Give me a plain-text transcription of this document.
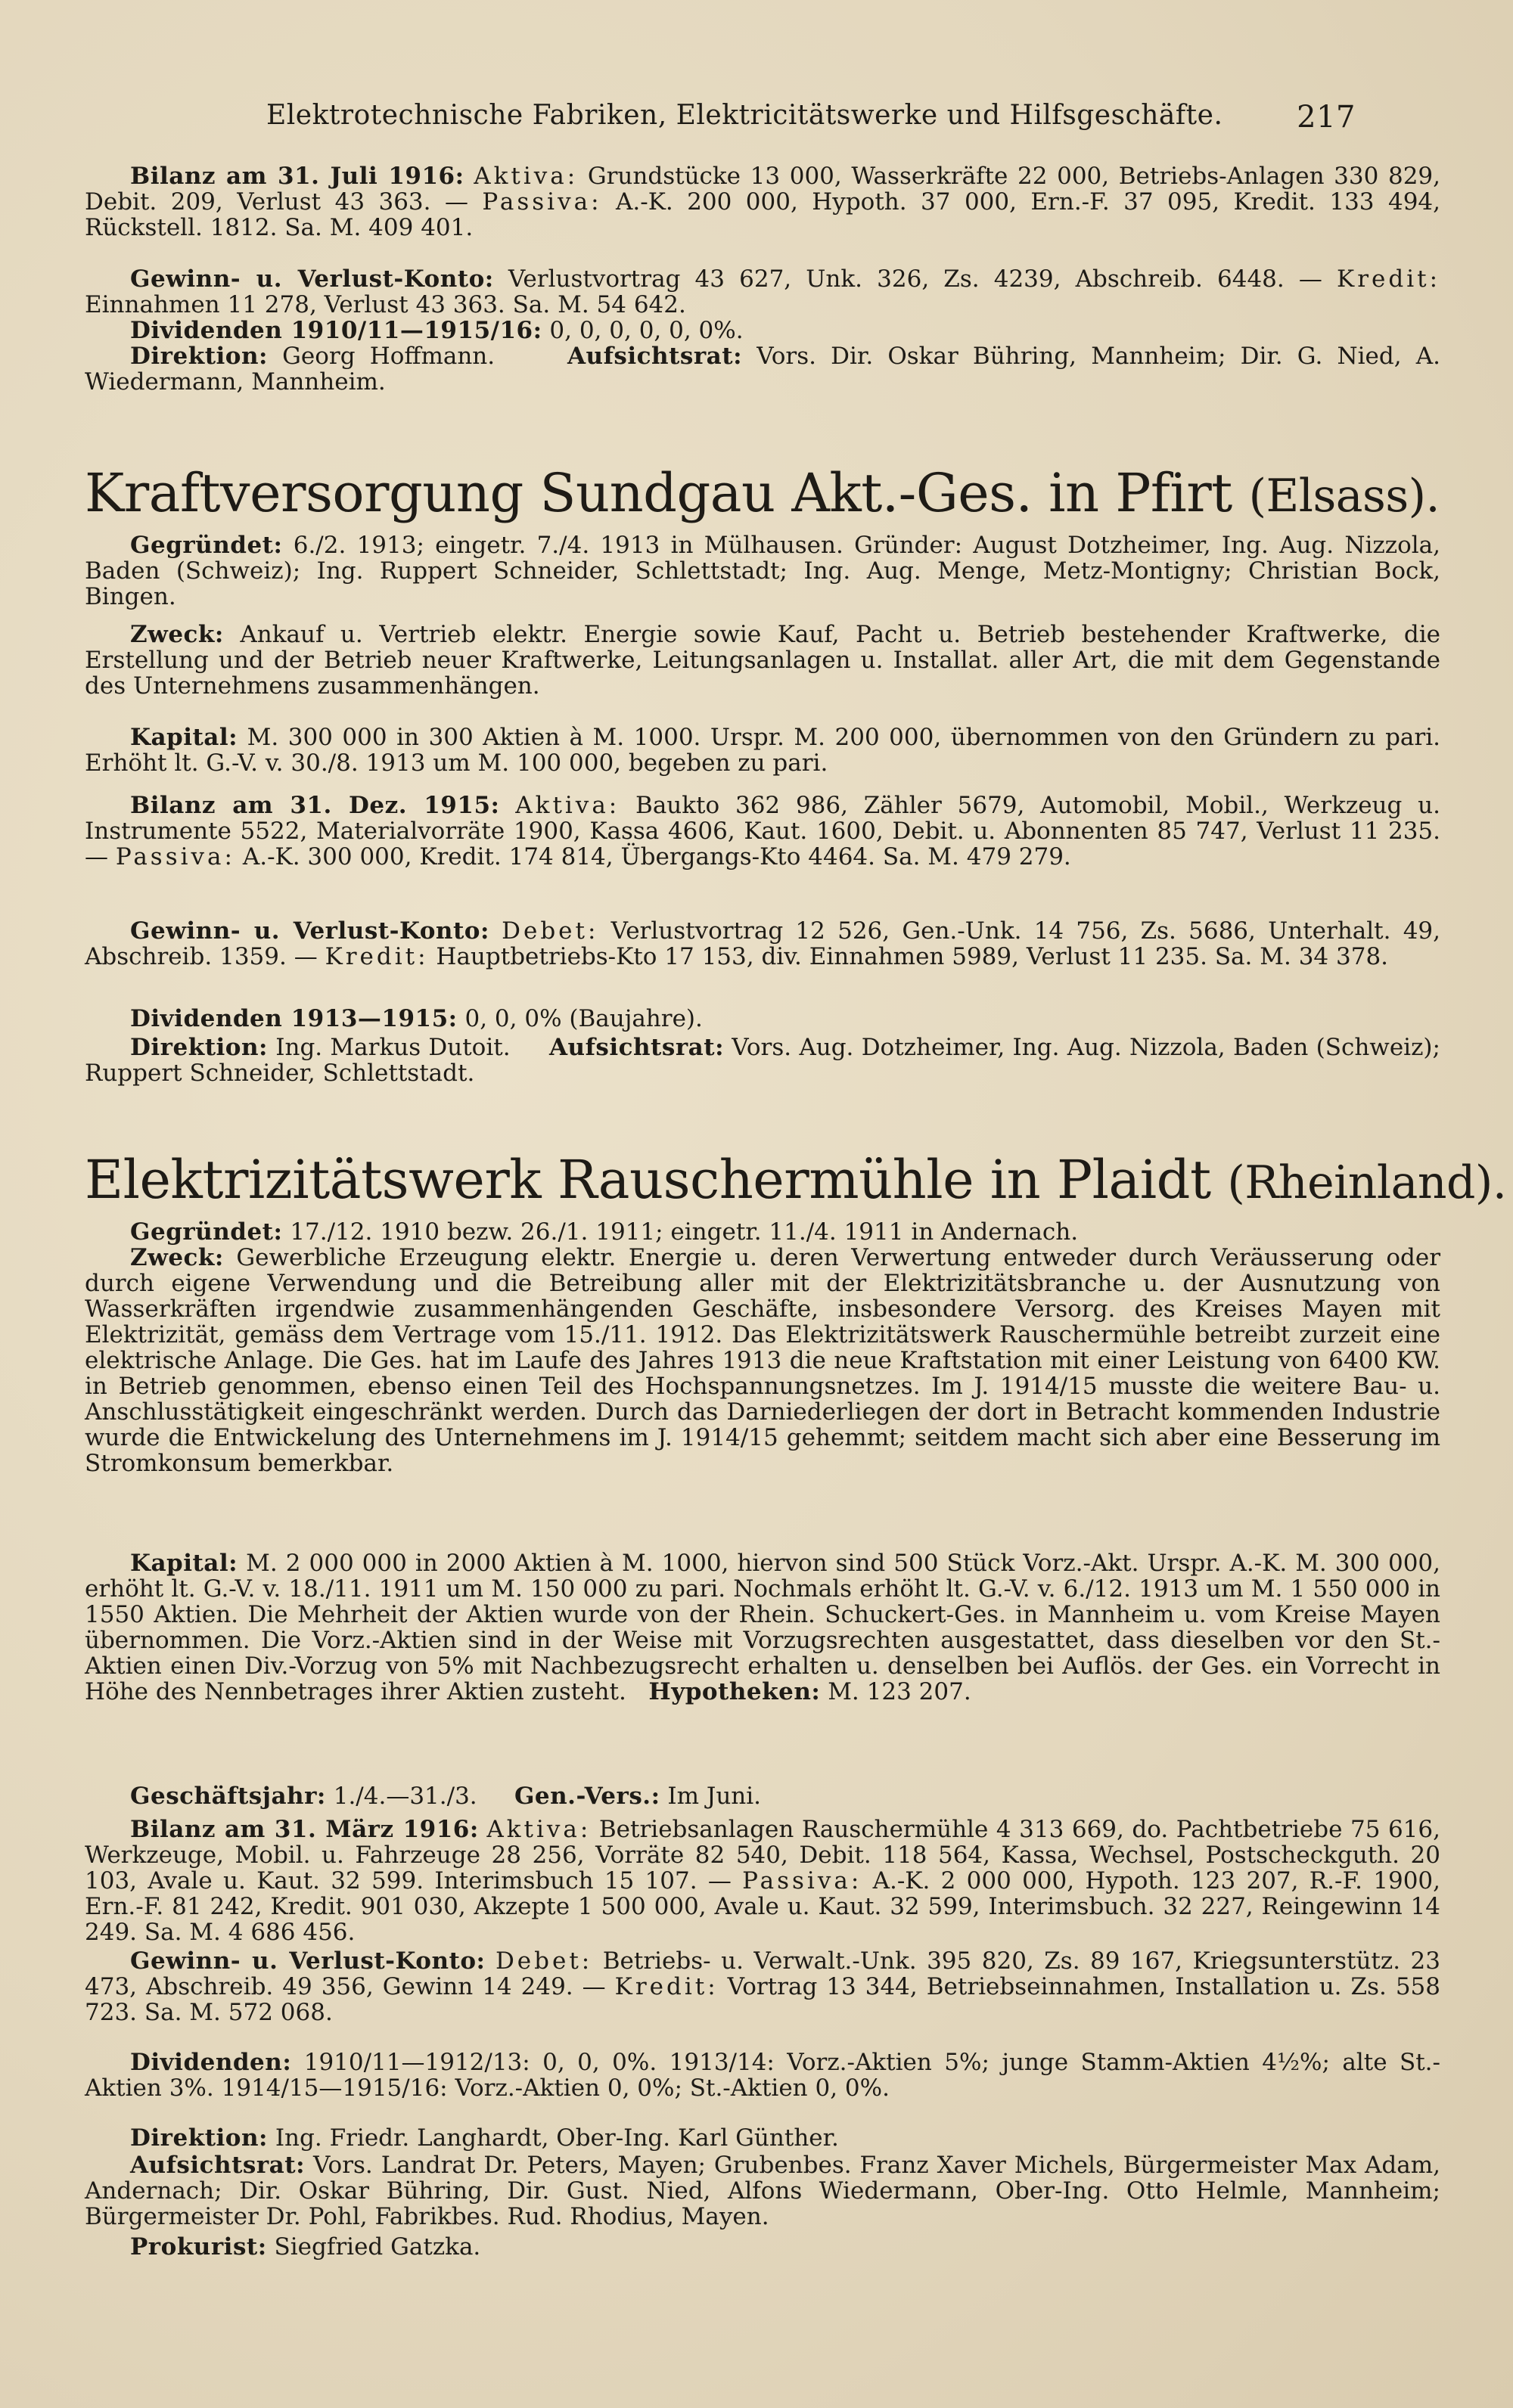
Elektrotechnische Fabriken, Elektricitätswerke und Hilfsgeschäfte. 217

Bilanz am 31. Juli 1916: Aktiva: Grundstücke 13 000, Wasserkräfte 22 000, Betriebs-Anlagen 330 829, Debit. 209, Verlust 43 363. — Passiva: A.-K. 200 000, Hypoth. 37 000, Ern.-F. 37 095, Kredit. 133 494, Rückstell. 1812. Sa. M. 409 401.

Gewinn- u. Verlust-Konto: Verlustvortrag 43 627, Unk. 326, Zs. 4239, Abschreib. 6448. — Kredit: Einnahmen 11 278, Verlust 43 363. Sa. M. 54 642.

Dividenden 1910/11—1915/16: 0, 0, 0, 0, 0, 0%.

Direktion: Georg Hoffmann.	Aufsichtsrat: Vors. Dir. Oskar Bühring, Mannheim; Dir. G. Nied, A. Wiedermann, Mannheim.

Kraftversorgung Sundgau Akt.-Ges. in Pfirt (Elsass).

Gegründet: 6./2. 1913; eingetr. 7./4. 1913 in Mülhausen. Gründer: August Dotzheimer, Ing. Aug. Nizzola, Baden (Schweiz); Ing. Ruppert Schneider, Schlettstadt; Ing. Aug. Menge, Metz-Montigny; Christian Bock, Bingen.

Zweck: Ankauf u. Vertrieb elektr. Energie sowie Kauf, Pacht u. Betrieb bestehender Kraftwerke, die Erstellung und der Betrieb neuer Kraftwerke, Leitungsanlagen u. Installat. aller Art, die mit dem Gegenstande des Unternehmens zusammenhängen.

Kapital: M. 300 000 in 300 Aktien à M. 1000. Urspr. M. 200 000, übernommen von den Gründern zu pari. Erhöht lt. G.-V. v. 30./8. 1913 um M. 100 000, begeben zu pari.

Bilanz am 31. Dez. 1915: Aktiva: Baukto 362 986, Zähler 5679, Automobil, Mobil., Werkzeug u. Instrumente 5522, Materialvorräte 1900, Kassa 4606, Kaut. 1600, Debit. u. Abonnenten 85 747, Verlust 11 235. — Passiva: A.-K. 300 000, Kredit. 174 814, Übergangs-Kto 4464. Sa. M. 479 279.

Gewinn- u. Verlust-Konto: Debet: Verlustvortrag 12 526, Gen.-Unk. 14 756, Zs. 5686, Unterhalt. 49, Abschreib. 1359. — Kredit: Hauptbetriebs-Kto 17 153, div. Einnahmen 5989, Verlust 11 235. Sa. M. 34 378.

Dividenden 1913—1915: 0, 0, 0% (Baujahre).

Direktion: Ing. Markus Dutoit. Aufsichtsrat: Vors. Aug. Dotzheimer, Ing. Aug. Nizzola, Baden (Schweiz); Ruppert Schneider, Schlettstadt.

Elektrizitätswerk Rauschermühle in Plaidt (Rheinland).

Gegründet: 17./12. 1910 bezw. 26./1. 1911; eingetr. 11./4. 1911 in Andernach.

Zweck: Gewerbliche Erzeugung elektr. Energie u. deren Verwertung entweder durch Veräusserung oder durch eigene Verwendung und die Betreibung aller mit der Elektrizitätsbranche u. der Ausnutzung von Wasserkräften irgendwie zusammenhängenden Geschäfte, insbesondere Versorg. des Kreises Mayen mit Elektrizität, gemäss dem Vertrage vom 15./11. 1912. Das Elektrizitätswerk Rauschermühle betreibt zurzeit eine elektrische Anlage. Die Ges. hat im Laufe des Jahres 1913 die neue Kraftstation mit einer Leistung von 6400 KW. in Betrieb genommen, ebenso einen Teil des Hochspannungsnetzes. Im J. 1914/15 musste die weitere Bau- u. Anschlusstätigkeit eingeschränkt werden. Durch das Darniederliegen der dort in Betracht kommenden Industrie wurde die Entwickelung des Unternehmens im J. 1914/15 gehemmt; seitdem macht sich aber eine Besserung im Stromkonsum bemerkbar.

Kapital: M. 2 000 000 in 2000 Aktien à M. 1000, hiervon sind 500 Stück Vorz.-Akt. Urspr. A.-K. M. 300 000, erhöht lt. G.-V. v. 18./11. 1911 um M. 150 000 zu pari. Nochmals erhöht lt. G.-V. v. 6./12. 1913 um M. 1 550 000 in 1550 Aktien. Die Mehrheit der Aktien wurde von der Rhein. Schuckert-Ges. in Mannheim u. vom Kreise Mayen übernommen. Die Vorz.-Aktien sind in der Weise mit Vorzugsrechten ausgestattet, dass dieselben vor den St.-Aktien einen Div.-Vorzug von 5% mit Nachbezugsrecht erhalten u. denselben bei Auflös. der Ges. ein Vorrecht in Höhe des Nennbetrages ihrer Aktien zusteht. Hypotheken: M. 123 207.

Geschäftsjahr: 1./4.—31./3. Gen.-Vers.: Im Juni.

Bilanz am 31. März 1916: Aktiva: Betriebsanlagen Rauschermühle 4 313 669, do. Pachtbetriebe 75 616, Werkzeuge, Mobil. u. Fahrzeuge 28 256, Vorräte 82 540, Debit. 118 564, Kassa, Wechsel, Postscheckguth. 20 103, Avale u. Kaut. 32 599. Interimsbuch 15 107. — Passiva: A.-K. 2 000 000, Hypoth. 123 207, R.-F. 1900, Ern.-F. 81 242, Kredit. 901 030, Akzepte 1 500 000, Avale u. Kaut. 32 599, Interimsbuch. 32 227, Reingewinn 14 249. Sa. M. 4 686 456.

Gewinn- u. Verlust-Konto: Debet: Betriebs- u. Verwalt.-Unk. 395 820, Zs. 89 167, Kriegsunterstütz. 23 473, Abschreib. 49 356, Gewinn 14 249. — Kredit: Vortrag 13 344, Betriebseinnahmen, Installation u. Zs. 558 723. Sa. M. 572 068.

Dividenden: 1910/11—1912/13: 0, 0, 0%. 1913/14: Vorz.-Aktien 5%; junge Stamm-Aktien 4½%; alte St.-Aktien 3%. 1914/15—1915/16: Vorz.-Aktien 0, 0%; St.-Aktien 0, 0%.

Direktion: Ing. Friedr. Langhardt, Ober-Ing. Karl Günther.

Aufsichtsrat: Vors. Landrat Dr. Peters, Mayen; Grubenbes. Franz Xaver Michels, Bürgermeister Max Adam, Andernach; Dir. Oskar Bühring, Dir. Gust. Nied, Alfons Wiedermann, Ober-Ing. Otto Helmle, Mannheim; Bürgermeister Dr. Pohl, Fabrikbes. Rud. Rhodius, Mayen.

Prokurist: Siegfried Gatzka.
